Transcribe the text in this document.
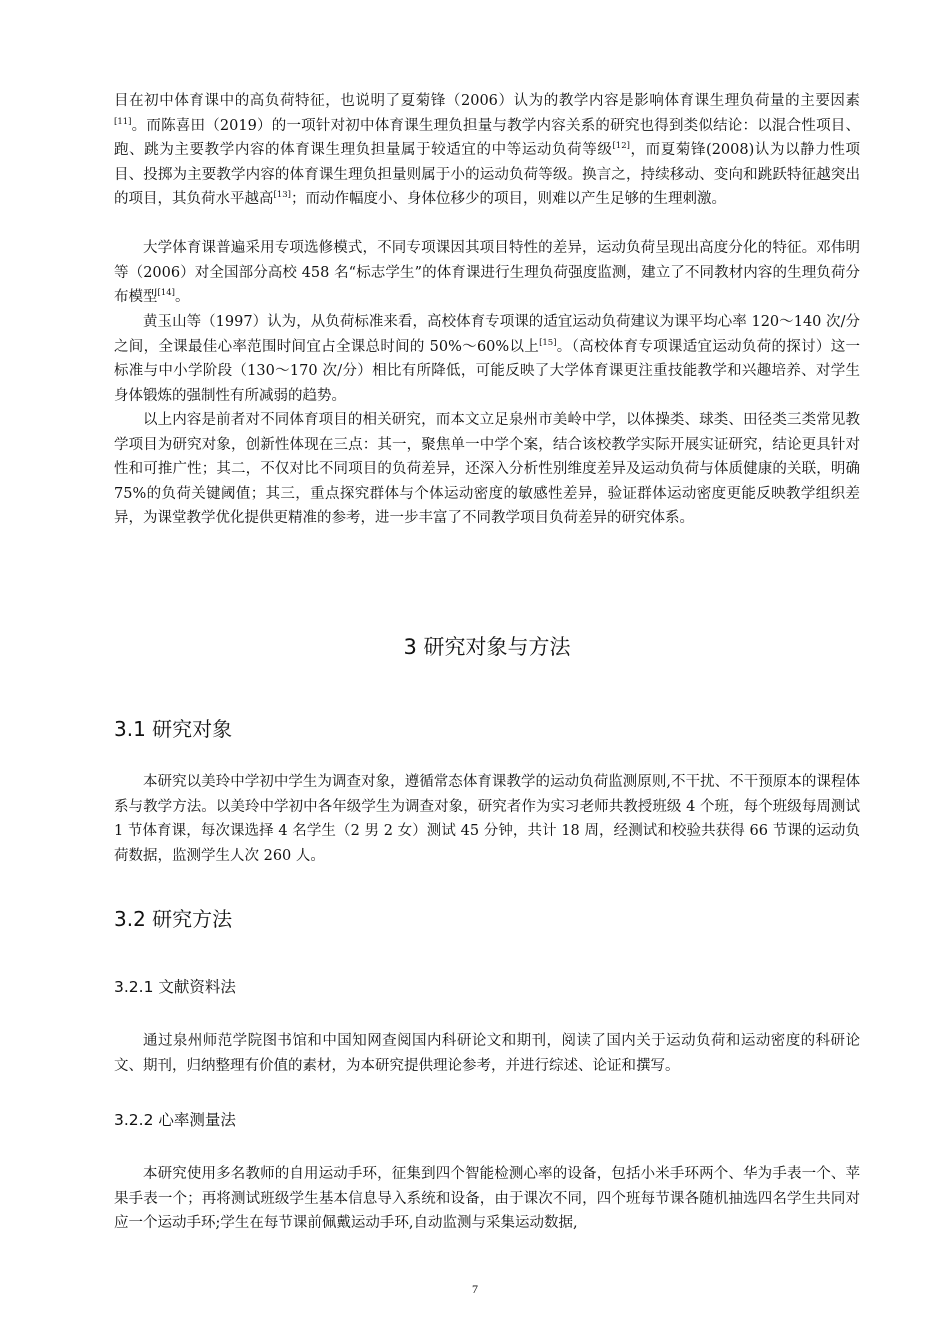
目在初中体育课中的高负荷特征，也说明了夏菊锋（2006）认为的教学内容是影响体育课生理负荷量的主要因素[11]。而陈喜田（2019）的一项针对初中体育课生理负担量与教学内容关系的研究也得到类似结论：以混合性项目、跑、跳为主要教学内容的体育课生理负担量属于较适宜的中等运动负荷等级[12]，而夏菊锋(2008)认为以静力性项目、投掷为主要教学内容的体育课生理负担量则属于小的运动负荷等级。换言之，持续移动、变向和跳跃特征越突出的项目，其负荷水平越高[13]；而动作幅度小、身体位移少的项目，则难以产生足够的生理刺激。

大学体育课普遍采用专项选修模式，不同专项课因其项目特性的差异，运动负荷呈现出高度分化的特征。邓伟明等（2006）对全国部分高校 458 名“标志学生”的体育课进行生理负荷强度监测，建立了不同教材内容的生理负荷分布模型[14]。

黄玉山等（1997）认为，从负荷标准来看，高校体育专项课的适宜运动负荷建议为课平均心率 120～140 次/分之间，全课最佳心率范围时间宜占全课总时间的 50%～60%以上[15]。（高校体育专项课适宜运动负荷的探讨）这一标准与中小学阶段（130～170 次/分）相比有所降低，可能反映了大学体育课更注重技能教学和兴趣培养、对学生身体锻炼的强制性有所减弱的趋势。

以上内容是前者对不同体育项目的相关研究，而本文立足泉州市美岭中学，以体操类、球类、田径类三类常见教学项目为研究对象，创新性体现在三点：其一，聚焦单一中学个案，结合该校教学实际开展实证研究，结论更具针对性和可推广性；其二，不仅对比不同项目的负荷差异，还深入分析性别维度差异及运动负荷与体质健康的关联，明确 75%的负荷关键阈值；其三，重点探究群体与个体运动密度的敏感性差异，验证群体运动密度更能反映教学组织差异，为课堂教学优化提供更精准的参考，进一步丰富了不同教学项目负荷差异的研究体系。

3 研究对象与方法

3.1 研究对象

本研究以美玲中学初中学生为调查对象，遵循常态体育课教学的运动负荷监测原则,不干扰、不干预原本的课程体系与教学方法。以美玲中学初中各年级学生为调查对象，研究者作为实习老师共教授班级 4 个班，每个班级每周测试 1 节体育课，每次课选择 4 名学生（2 男 2 女）测试 45 分钟，共计 18 周，经测试和校验共获得 66 节课的运动负荷数据，监测学生人次 260 人。

3.2 研究方法

3.2.1 文献资料法

通过泉州师范学院图书馆和中国知网查阅国内科研论文和期刊，阅读了国内关于运动负荷和运动密度的科研论文、期刊，归纳整理有价值的素材，为本研究提供理论参考，并进行综述、论证和撰写。

3.2.2 心率测量法

本研究使用多名教师的自用运动手环，征集到四个智能检测心率的设备，包括小米手环两个、华为手表一个、苹果手表一个；再将测试班级学生基本信息导入系统和设备，由于课次不同，四个班每节课各随机抽选四名学生共同对应一个运动手环;学生在每节课前佩戴运动手环,自动监测与采集运动数据,

7
